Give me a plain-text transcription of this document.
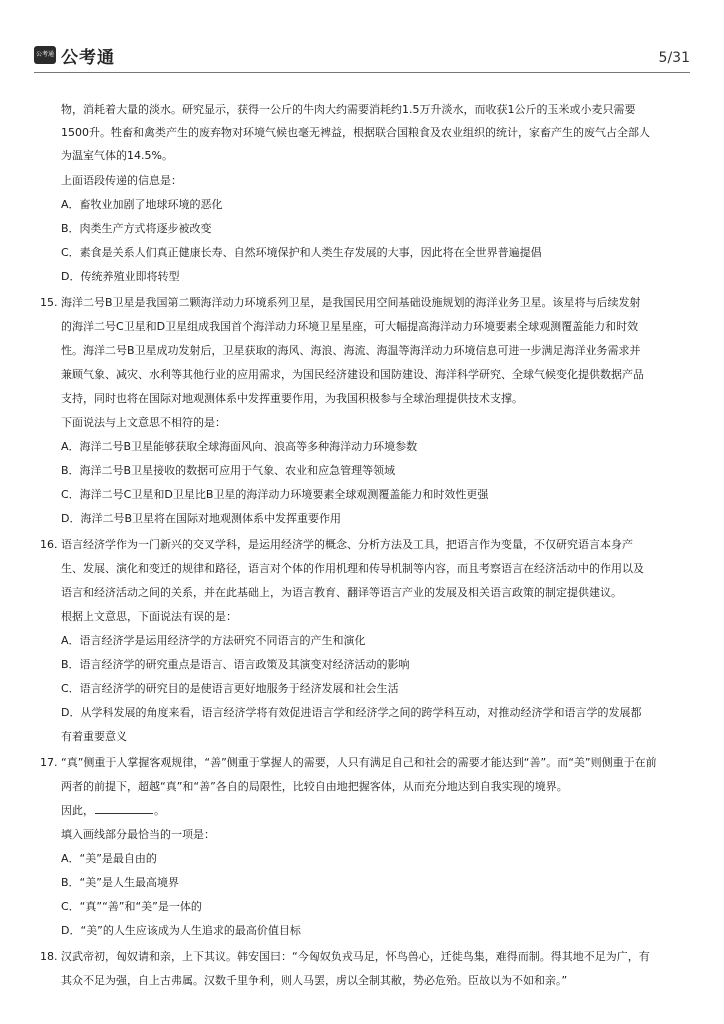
公考通 公考通	5/31
物，消耗着大量的淡水。研究显示，获得一公斤的牛肉大约需要消耗约1.5万升淡水，而收获1公斤的玉米或小麦只需要
1500升。牲畜和禽类产生的废弃物对环境气候也毫无裨益，根据联合国粮食及农业组织的统计，家畜产生的废气占全部人
为温室气体的14.5%。
上面语段传递的信息是：
A．畜牧业加剧了地球环境的恶化
B．肉类生产方式将逐步被改变
C．素食是关系人们真正健康长寿、自然环境保护和人类生存发展的大事，因此将在全世界普遍提倡
D．传统养殖业即将转型
15. 海洋二号B卫星是我国第二颗海洋动力环境系列卫星，是我国民用空间基础设施规划的海洋业务卫星。该星将与后续发射
的海洋二号C卫星和D卫星组成我国首个海洋动力环境卫星星座，可大幅提高海洋动力环境要素全球观测覆盖能力和时效
性。海洋二号B卫星成功发射后，卫星获取的海风、海浪、海流、海温等海洋动力环境信息可进一步满足海洋业务需求并
兼顾气象、减灾、水利等其他行业的应用需求，为国民经济建设和国防建设、海洋科学研究、全球气候变化提供数据产品
支持，同时也将在国际对地观测体系中发挥重要作用，为我国积极参与全球治理提供技术支撑。
下面说法与上文意思不相符的是：
A．海洋二号B卫星能够获取全球海面风向、浪高等多种海洋动力环境参数
B．海洋二号B卫星接收的数据可应用于气象、农业和应急管理等领域
C．海洋二号C卫星和D卫星比B卫星的海洋动力环境要素全球观测覆盖能力和时效性更强
D．海洋二号B卫星将在国际对地观测体系中发挥重要作用
16. 语言经济学作为一门新兴的交叉学科，是运用经济学的概念、分析方法及工具，把语言作为变量，不仅研究语言本身产
生、发展、演化和变迁的规律和路径，语言对个体的作用机理和传导机制等内容，而且考察语言在经济活动中的作用以及
语言和经济活动之间的关系，并在此基础上，为语言教育、翻译等语言产业的发展及相关语言政策的制定提供建议。
根据上文意思，下面说法有误的是：
A．语言经济学是运用经济学的方法研究不同语言的产生和演化
B．语言经济学的研究重点是语言、语言政策及其演变对经济活动的影响
C．语言经济学的研究目的是使语言更好地服务于经济发展和社会生活
D．从学科发展的角度来看，语言经济学将有效促进语言学和经济学之间的跨学科互动，对推动经济学和语言学的发展都
有着重要意义
17. “真”侧重于人掌握客观规律，“善”侧重于掌握人的需要，人只有满足自己和社会的需要才能达到“善”。而“美”则侧重于在前
两者的前提下，超越“真”和“善”各自的局限性，比较自由地把握客体，从而充分地达到自我实现的境界。
因此，	。
填入画线部分最恰当的一项是：
A．“美”是最自由的
B．“美”是人生最高境界
C．“真”“善”和“美”是一体的
D．“美”的人生应该成为人生追求的最高价值目标
18. 汉武帝初，匈奴请和亲，上下其议。韩安国曰：“今匈奴负戎马足，怀鸟兽心，迁徙鸟集，难得而制。得其地不足为广，有
其众不足为强，自上古弗属。汉数千里争利，则人马罢，虏以全制其敝，势必危殆。臣故以为不如和亲。”
